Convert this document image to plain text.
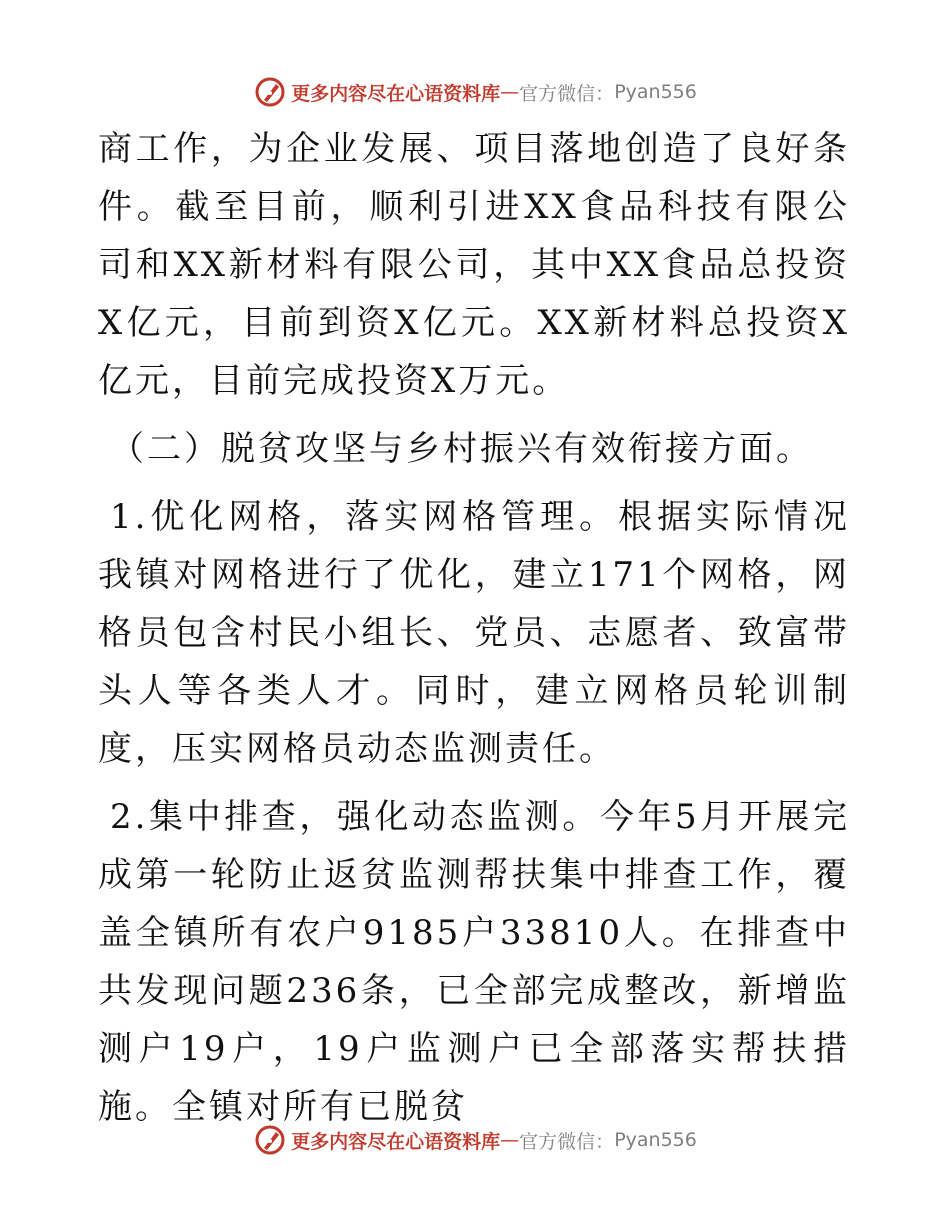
更多内容尽在心语资料库 — 官方微信： Pyan556

商工作，为企业发展、项目落地创造了良好条件。截至目前，顺利引进XX食品科技有限公司和XX新材料有限公司，其中XX食品总投资X亿元，目前到资X亿元。XX新材料总投资X亿元，目前完成投资X万元。

（二）脱贫攻坚与乡村振兴有效衔接方面。

1.优化网格，落实网格管理。根据实际情况我镇对网格进行了优化，建立171个网格，网格员包含村民小组长、党员、志愿者、致富带头人等各类人才。同时，建立网格员轮训制度，压实网格员动态监测责任。

2.集中排查，强化动态监测。今年5月开展完成第一轮防止返贫监测帮扶集中排查工作，覆盖全镇所有农户9185户33810人。在排查中共发现问题236条，已全部完成整改，新增监测户19户，19户监测户已全部落实帮扶措施。全镇对所有已脱贫

更多内容尽在心语资料库 — 官方微信： Pyan556
